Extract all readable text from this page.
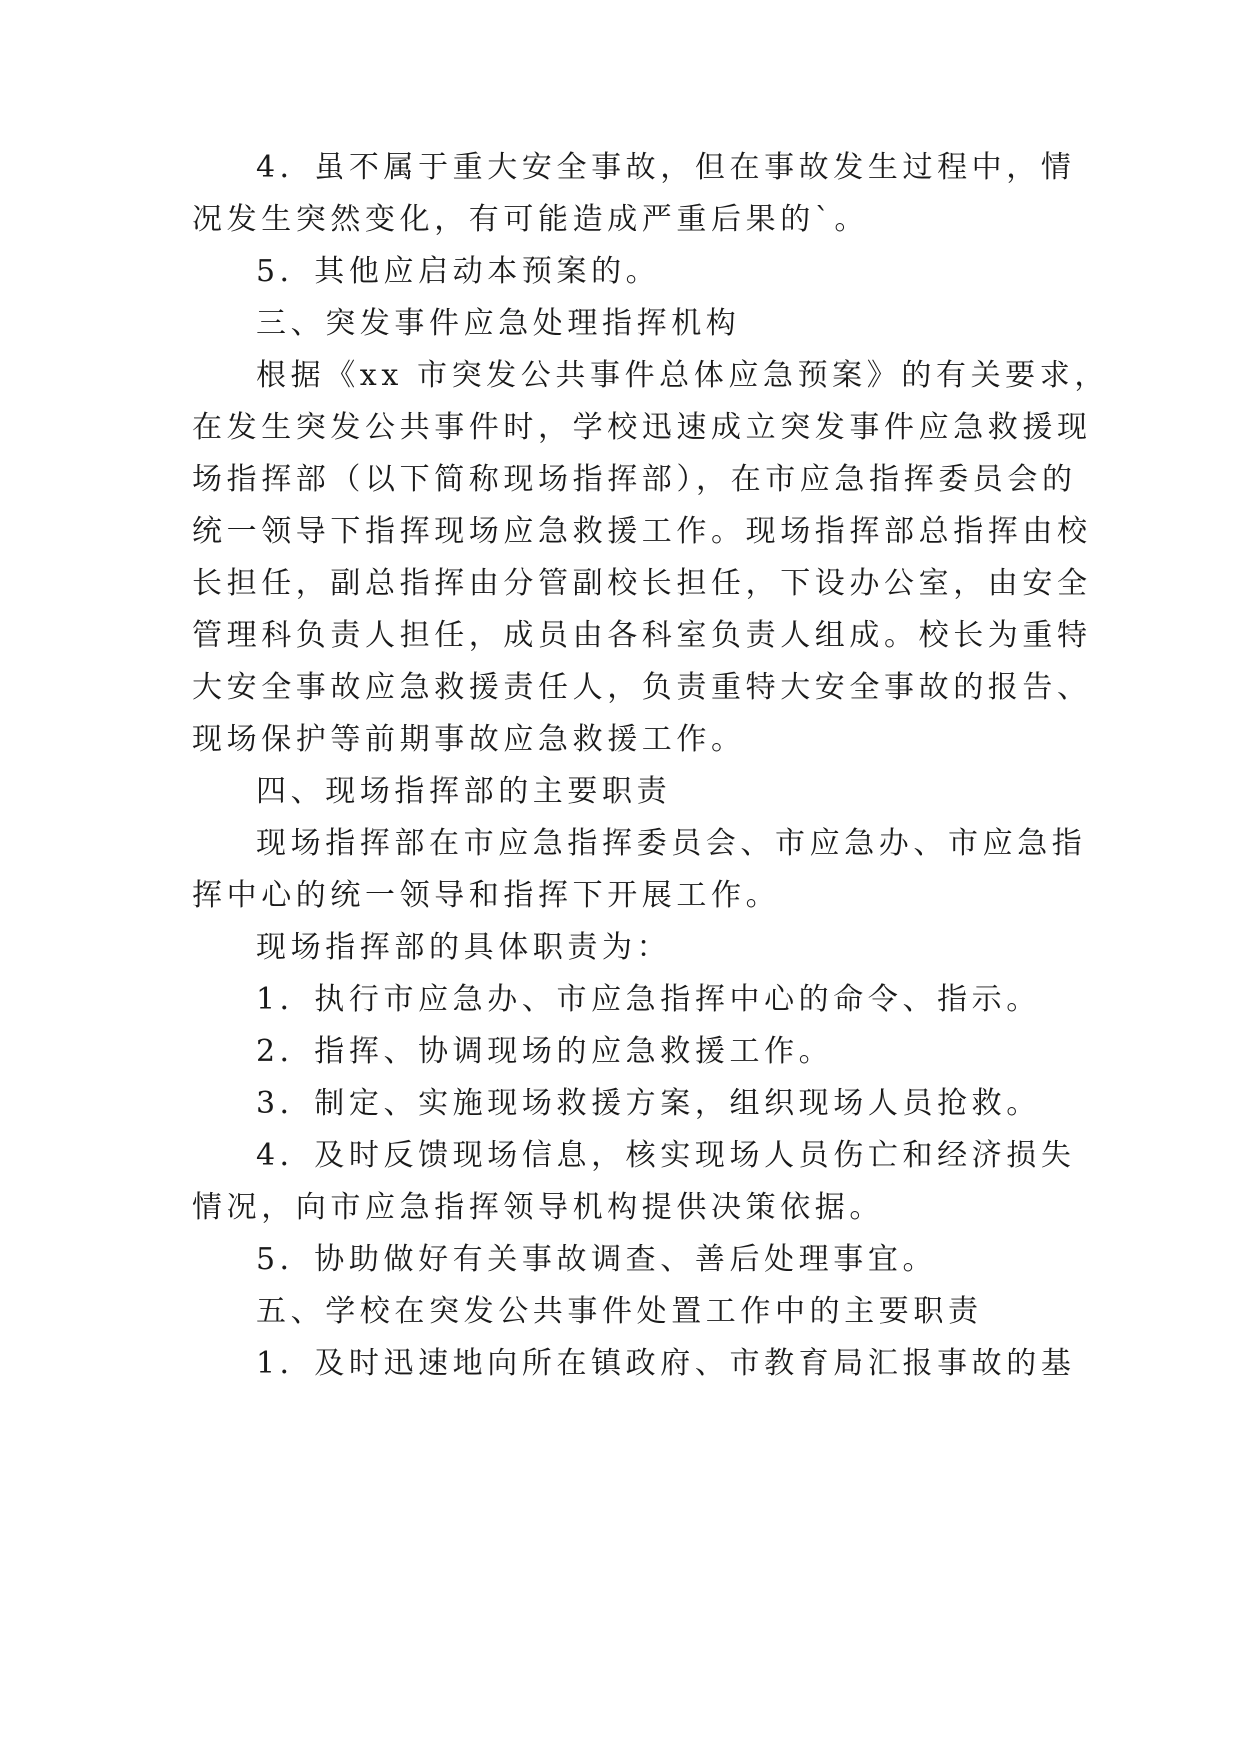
4．虽不属于重大安全事故，但在事故发生过程中，情
况发生突然变化，有可能造成严重后果的`。
5．其他应启动本预案的。
三、突发事件应急处理指挥机构
根据《xx 市突发公共事件总体应急预案》的有关要求，
在发生突发公共事件时，学校迅速成立突发事件应急救援现
场指挥部（以下简称现场指挥部），在市应急指挥委员会的
统一领导下指挥现场应急救援工作。现场指挥部总指挥由校
长担任，副总指挥由分管副校长担任，下设办公室，由安全
管理科负责人担任，成员由各科室负责人组成。校长为重特
大安全事故应急救援责任人，负责重特大安全事故的报告、
现场保护等前期事故应急救援工作。
四、现场指挥部的主要职责
现场指挥部在市应急指挥委员会、市应急办、市应急指
挥中心的统一领导和指挥下开展工作。
现场指挥部的具体职责为：
1．执行市应急办、市应急指挥中心的命令、指示。
2．指挥、协调现场的应急救援工作。
3．制定、实施现场救援方案，组织现场人员抢救。
4．及时反馈现场信息，核实现场人员伤亡和经济损失
情况，向市应急指挥领导机构提供决策依据。
5．协助做好有关事故调查、善后处理事宜。
五、学校在突发公共事件处置工作中的主要职责
1．及时迅速地向所在镇政府、市教育局汇报事故的基
